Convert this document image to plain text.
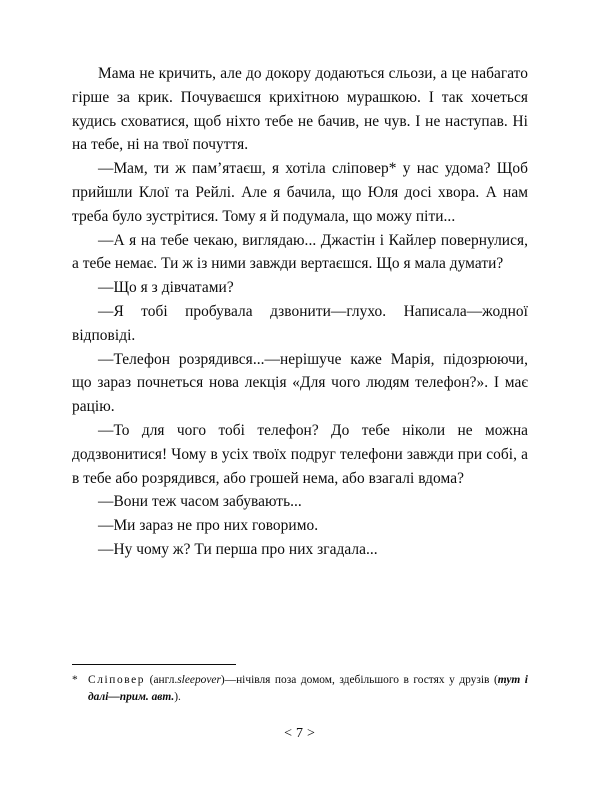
Мама не кричить, але до докору додаються сльози, а це набагато гірше за крик. Почуваєшся крихітною мурашкою. І так хочеться кудись сховатися, щоб ніхто тебе не бачив, не чув. І не наступав. Ні на тебе, ні на твої почуття.

—Мам, ти ж пам’ятаєш, я хотіла сліповер* у нас удома? Щоб прийшли Клої та Рейлі. Але я бачила, що Юля досі хвора. А нам треба було зустрітися. Тому я й подумала, що можу піти...

—А я на тебе чекаю, виглядаю... Джастін і Кайлер повернулися, а тебе немає. Ти ж із ними завжди вертаєшся. Що я мала думати?

—Що я з дівчатами?

—Я тобі пробувала дзвонити—глухо. Написала—жодної відповіді.

—Телефон розрядився...—нерішуче каже Марія, підозрюючи, що зараз почнеться нова лекція «Для чого людям телефон?». І має рацію.

—То для чого тобі телефон? До тебе ніколи не можна додзвонитися! Чому в усіх твоїх подруг телефони завжди при собі, а в тебе або розрядився, або грошей нема, або взагалі вдома?

—Вони теж часом забувають...

—Ми зараз не про них говоримо.

—Ну чому ж? Ти перша про них згадала...

* Сліповер (англ.sleepover)—нічівля поза домом, здебільшого в гостях у друзів (тут і далі—прим. авт.).
< 7 >
